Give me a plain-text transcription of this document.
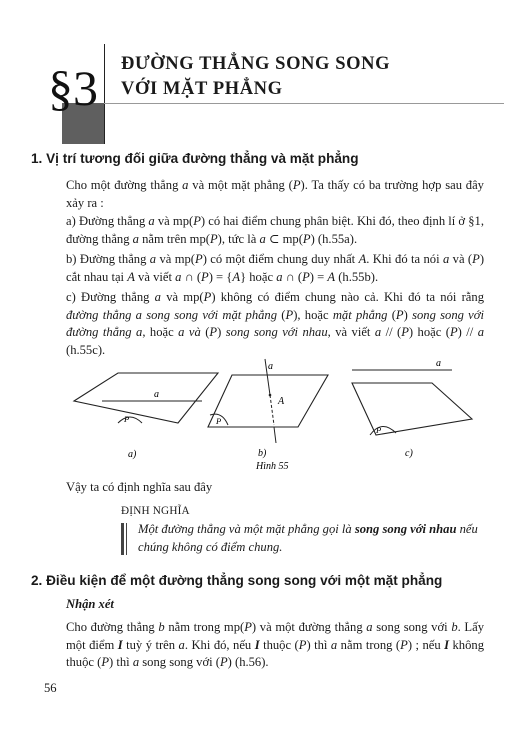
§3 ĐƯỜNG THẲNG SONG SONG
VỚI MẶT PHẲNG

1. Vị trí tương đối giữa đường thẳng và mặt phẳng

Cho một đường thẳng a và một mặt phẳng (P). Ta thấy có ba trường hợp sau đây xảy ra :

a) Đường thẳng a và mp(P) có hai điểm chung phân biệt. Khi đó, theo định lí ở §1, đường thẳng a nằm trên mp(P), tức là a ⊂ mp(P) (h.55a).

b) Đường thẳng a và mp(P) có một điểm chung duy nhất A. Khi đó ta nói a và (P) cắt nhau tại A và viết a ∩ (P) = {A} hoặc a ∩ (P) = A (h.55b).

c) Đường thẳng a và mp(P) không có điểm chung nào cả. Khi đó ta nói rằng đường thẳng a song song với mặt phẳng (P), hoặc mặt phẳng (P) song song với đường thẳng a, hoặc a và (P) song song với nhau, và viết a // (P) hoặc (P) // a (h.55c).

a
P
a)
A
a
P
b)
a
P
c)
Hình 55

Vậy ta có định nghĩa sau đây

ĐỊNH NGHĨA

Một đường thẳng và một mặt phẳng gọi là song song với nhau nếu chúng không có điểm chung.

2. Điều kiện để một đường thẳng song song với một mặt phẳng

Nhận xét

Cho đường thẳng b nằm trong mp(P) và một đường thẳng a song song với b. Lấy một điểm I tuỳ ý trên a. Khi đó, nếu I thuộc (P) thì a nằm trong (P) ; nếu I không thuộc (P) thì a song song với (P) (h.56).

56
